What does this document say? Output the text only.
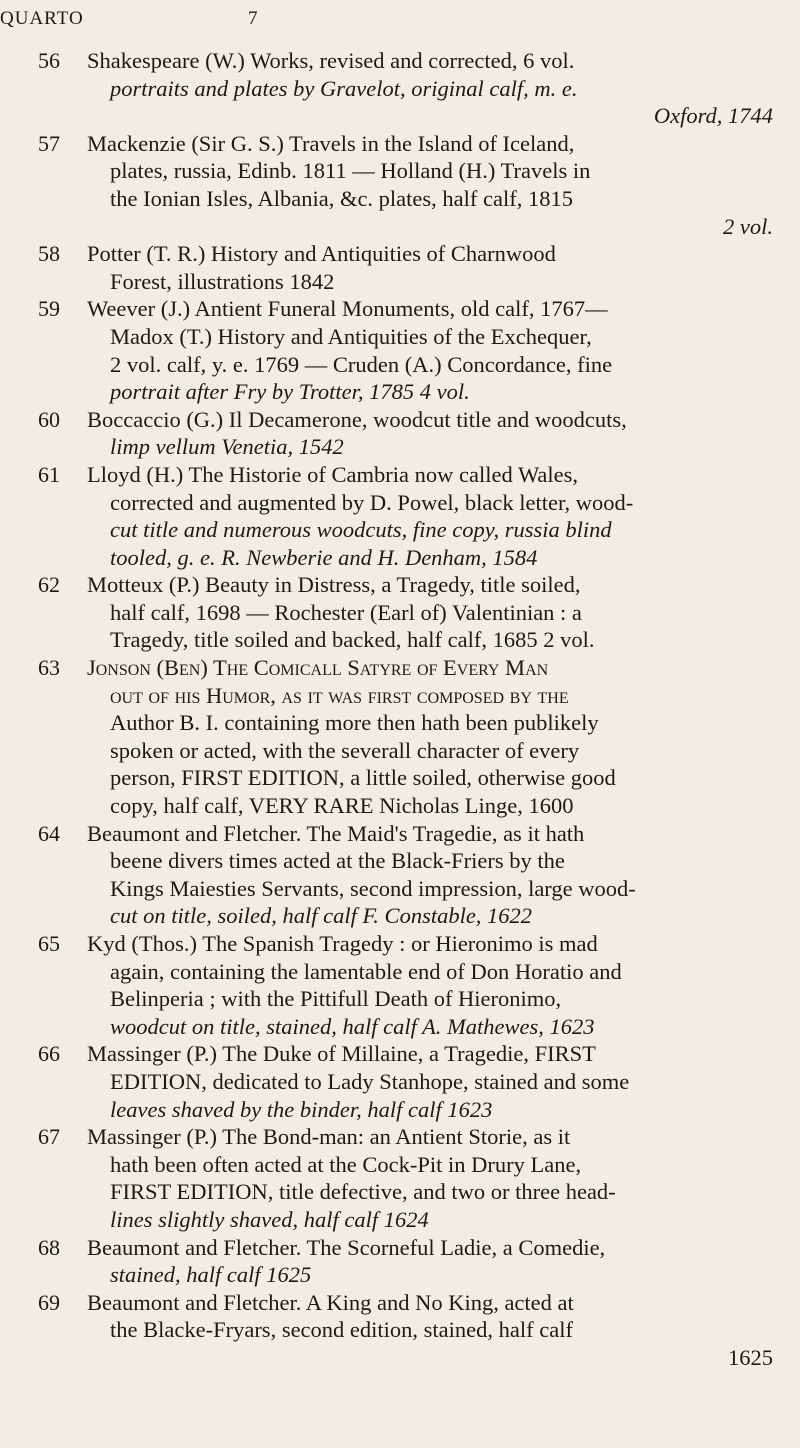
QUARTO	7
56 Shakespeare (W.) Works, revised and corrected, 6 vol.
portraits and plates by Gravelot, original calf, m. e.
Oxford, 1744
57 Mackenzie (Sir G. S.) Travels in the Island of Iceland,
plates, russia, Edinb. 1811 — Holland (H.) Travels in
the Ionian Isles, Albania, &c. plates, half calf, 1815
2 vol.
58 Potter (T. R.) History and Antiquities of Charnwood
Forest, illustrations 1842
59 Weever (J.) Antient Funeral Monuments, old calf, 1767—
Madox (T.) History and Antiquities of the Exchequer,
2 vol. calf, y. e. 1769 — Cruden (A.) Concordance, fine
portrait after Fry by Trotter, 1785 4 vol.
60 Boccaccio (G.) Il Decamerone, woodcut title and woodcuts,
limp vellum Venetia, 1542
61 Lloyd (H.) The Historie of Cambria now called Wales,
corrected and augmented by D. Powel, black letter, wood-
cut title and numerous woodcuts, fine copy, russia blind
tooled, g. e. R. Newberie and H. Denham, 1584
62 Motteux (P.) Beauty in Distress, a Tragedy, title soiled,
half calf, 1698 — Rochester (Earl of) Valentinian : a
Tragedy, title soiled and backed, half calf, 1685 2 vol.
63 Jonson (Ben) The Comicall Satyre of Every Man
out of his Humor, as it was first composed by the
Author B. I. containing more then hath been publikely
spoken or acted, with the severall character of every
person, FIRST EDITION, a little soiled, otherwise good
copy, half calf, VERY RARE Nicholas Linge, 1600
64 Beaumont and Fletcher. The Maid's Tragedie, as it hath
beene divers times acted at the Black-Friers by the
Kings Maiesties Servants, second impression, large wood-
cut on title, soiled, half calf F. Constable, 1622
65 Kyd (Thos.) The Spanish Tragedy : or Hieronimo is mad
again, containing the lamentable end of Don Horatio and
Belinperia ; with the Pittifull Death of Hieronimo,
woodcut on title, stained, half calf A. Mathewes, 1623
66 Massinger (P.) The Duke of Millaine, a Tragedie, FIRST
EDITION, dedicated to Lady Stanhope, stained and some
leaves shaved by the binder, half calf 1623
67 Massinger (P.) The Bond-man: an Antient Storie, as it
hath been often acted at the Cock-Pit in Drury Lane,
FIRST EDITION, title defective, and two or three head-
lines slightly shaved, half calf 1624
68 Beaumont and Fletcher. The Scorneful Ladie, a Comedie,
stained, half calf 1625
69 Beaumont and Fletcher. A King and No King, acted at
the Blacke-Fryars, second edition, stained, half calf
1625
